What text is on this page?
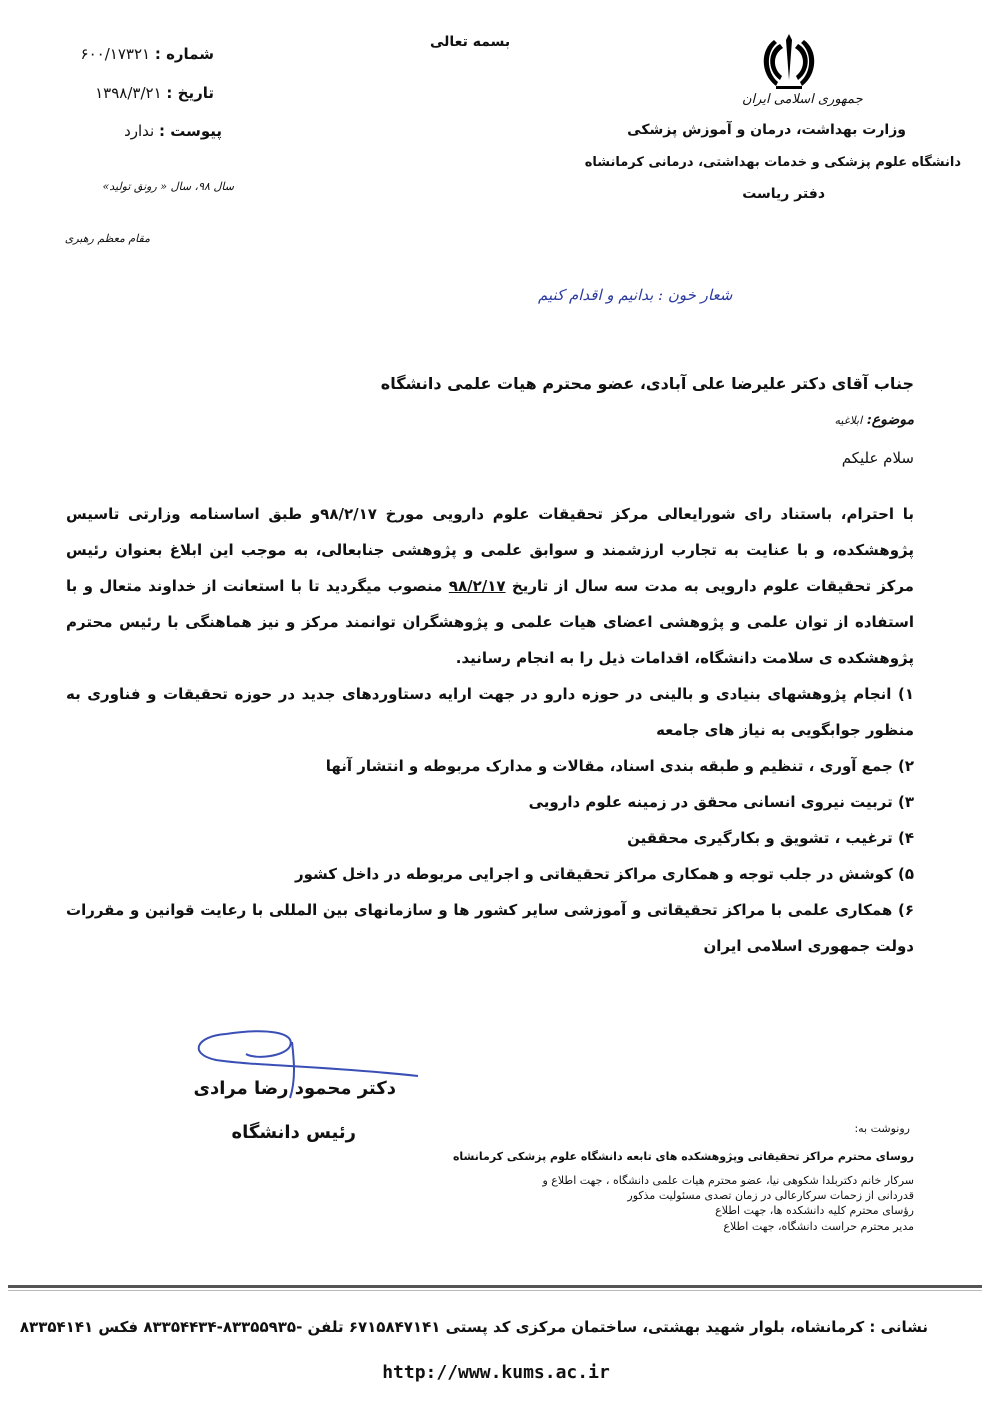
شماره : ۶۰۰/۱۷۳۲۱
تاریخ : ۱۳۹۸/۳/۲۱
پیوست : ندارد
سال ۹۸، سال « رونق تولید»
مقام معظم رهبری
بسمه تعالی
جمهوری اسلامی ایران
وزارت بهداشت، درمان و آموزش پزشکی
دانشگاه علوم پزشکی و خدمات بهداشتی، درمانی کرمانشاه
دفتر ریاست
شعار خون : بدانیم و اقدام کنیم
جناب آقای دکتر علیرضا علی آبادی، عضو محترم هیات علمی دانشگاه
موضوع: ابلاغیه
سلام علیکم

با احترام، باستناد رای شورایعالی مرکز تحقیقات علوم دارویی مورخ ۹۸/۲/۱۷و طبق اساسنامه وزارتی تاسیس پژوهشکده، و با عنایت به تجارب ارزشمند و سوابق علمی و پژوهشی جنابعالی، به موجب این ابلاغ بعنوان رئیس مرکز تحقیقات علوم دارویی به مدت سه سال از تاریخ ۹۸/۲/۱۷ منصوب میگردید تا با استعانت از خداوند متعال و با استفاده از توان علمی و پژوهشی اعضای هیات علمی و پژوهشگران توانمند مرکز و نیز هماهنگی با رئیس محترم پژوهشکده ی سلامت دانشگاه، اقدامات ذیل را به انجام رسانید.

۱) انجام پژوهشهای بنیادی و بالینی در حوزه دارو در جهت ارایه دستاوردهای جدید در حوزه تحقیقات و فناوری به منظور جوابگویی به نیاز های جامعه

۲) جمع آوری ، تنظیم و طبقه بندی اسناد، مقالات و مدارک مربوطه و انتشار آنها

۳) تربیت نیروی انسانی محقق در زمینه علوم دارویی

۴) ترغیب ، تشویق و بکارگیری محققین

۵) کوشش در جلب توجه و همکاری مراکز تحقیقاتی و اجرایی مربوطه در داخل کشور

۶) همکاری علمی با مراکز تحقیقاتی و آموزشی سایر کشور ها و سازمانهای بین المللی با رعایت قوانین و مقررات دولت جمهوری اسلامی ایران

دکتر محمود رضا مرادی
رئیس دانشگاه	رونوشت به:
روسای محترم مراکز تحقیقاتی وپژوهشکده های تابعه دانشگاه علوم پزشکی کرمانشاه
سرکار خانم دکتربلدا شکوهی نیا، عضو محترم هیات علمی دانشگاه ، جهت اطلاع و
قدردانی از زحمات سرکارعالی در زمان تصدی مسئولیت مذکور
رؤسای محترم کلیه دانشکده ها، جهت اطلاع
مدیر محترم حراست دانشگاه، جهت اطلاع
نشانی : کرمانشاه، بلوار شهید بهشتی، ساختمان مرکزی کد پستی ۶۷۱۵۸۴۷۱۴۱ تلفن -۸۳۳۵۵۹۳۵-۸۳۳۵۴۴۳۴ فکس ۸۳۳۵۴۱۴۱
http://www.kums.ac.ir
